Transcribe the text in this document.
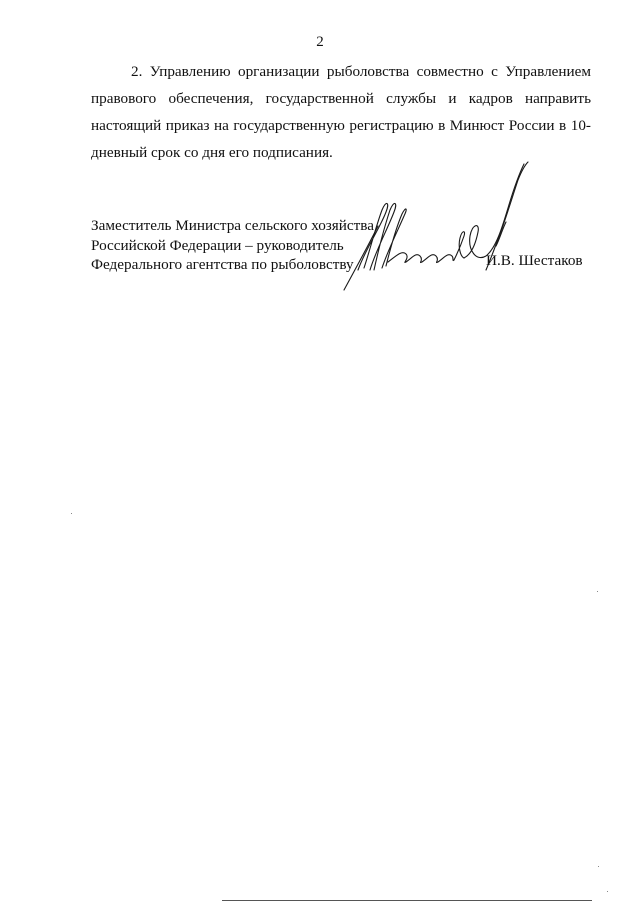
2

2. Управлению организации рыболовства совместно с Управлением правового обеспечения, государственной службы и кадров направить настоящий приказ на государственную регистрацию в Минюст России в 10-дневный срок со дня его подписания.

Заместитель Министра сельского хозяйства
Российской Федерации – руководитель
Федерального агентства по рыболовству	И.В. Шестаков
